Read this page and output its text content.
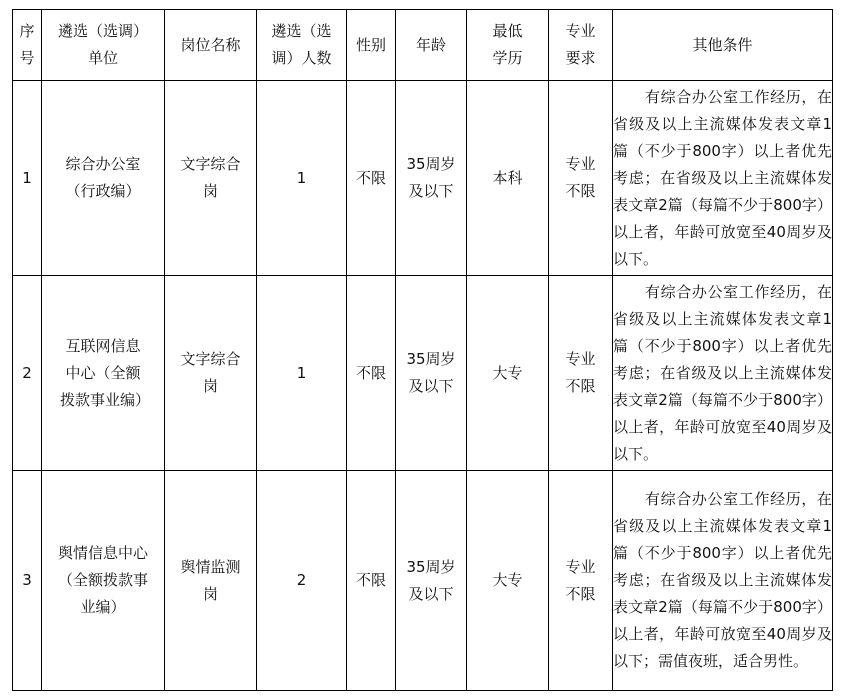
序号	遴选（选调）单位	岗位名称	遴选（选调）人数	性别	年龄	最低学历	专业要求	其他条件
1	综合办公室（行政编）	文字综合岗	1	不限	35周岁及以下	本科	专业不限	有综合办公室工作经历，在省级及以上主流媒体发表文章1篇（不少于800字）以上者优先考虑；在省级及以上主流媒体发表文章2篇（每篇不少于800字）以上者，年龄可放宽至40周岁及以下。

2	互联网信息中心（全额拨款事业编）	文字综合岗	1	不限	35周岁及以下	大专	专业不限	有综合办公室工作经历，在省级及以上主流媒体发表文章1篇（不少于800字）以上者优先考虑；在省级及以上主流媒体发表文章2篇（每篇不少于800字）以上者，年龄可放宽至40周岁及以下。

3	舆情信息中心（全额拨款事业编）	舆情监测岗	2	不限	35周岁及以下	大专	专业不限	有综合办公室工作经历，在省级及以上主流媒体发表文章1篇（不少于800字）以上者优先考虑；在省级及以上主流媒体发表文章2篇（每篇不少于800字）以上者，年龄可放宽至40周岁及以下；需值夜班，适合男性。
